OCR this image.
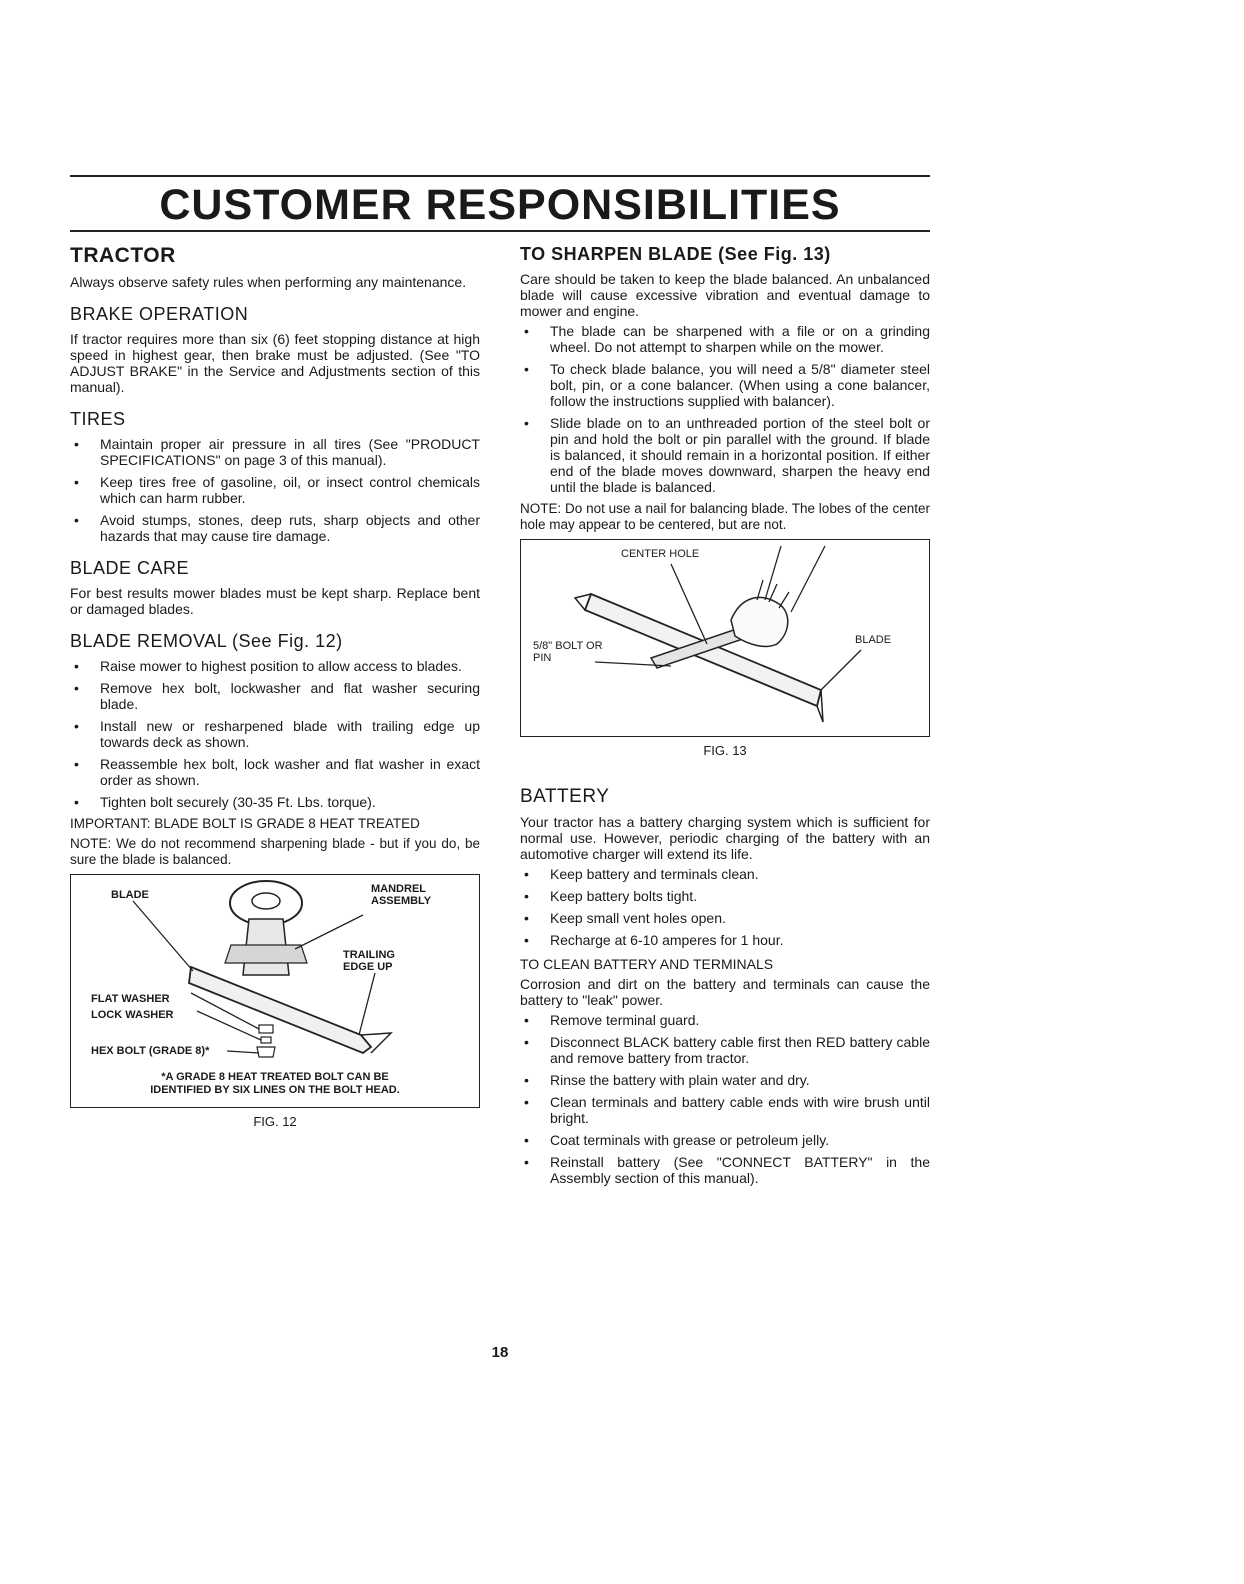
CUSTOMER RESPONSIBILITIES
TRACTOR

Always observe safety rules when performing any maintenance.

BRAKE OPERATION

If tractor requires more than six (6) feet stopping distance at high speed in highest gear, then brake must be adjusted. (See "TO ADJUST BRAKE" in the Service and Adjustments section of this manual).

TIRES
• Maintain proper air pressure in all tires (See "PRODUCT SPECIFICATIONS" on page 3 of this manual).
• Keep tires free of gasoline, oil, or insect control chemicals which can harm rubber.
• Avoid stumps, stones, deep ruts, sharp objects and other hazards that may cause tire damage.
BLADE CARE

For best results mower blades must be kept sharp. Replace bent or damaged blades.

BLADE REMOVAL (See Fig. 12)
• Raise mower to highest position to allow access to blades.
• Remove hex bolt, lockwasher and flat washer securing blade.
• Install new or resharpened blade with trailing edge up towards deck as shown.
• Reassemble hex bolt, lock washer and flat washer in exact order as shown.
• Tighten bolt securely (30-35 Ft. Lbs. torque).

IMPORTANT: BLADE BOLT IS GRADE 8 HEAT TREATED

NOTE: We do not recommend sharpening blade - but if you do, be sure the blade is balanced.

BLADE	MANDREL ASSEMBLY
TRAILING EDGE UP
FLAT WASHER
LOCK WASHER
HEX BOLT (GRADE 8)*
*A GRADE 8 HEAT TREATED BOLT CAN BE IDENTIFIED BY SIX LINES ON THE BOLT HEAD.
FIG. 12
TO SHARPEN BLADE (See Fig. 13)

Care should be taken to keep the blade balanced. An unbalanced blade will cause excessive vibration and eventual damage to mower and engine.

• The blade can be sharpened with a file or on a grinding wheel. Do not attempt to sharpen while on the mower.
• To check blade balance, you will need a 5/8" diameter steel bolt, pin, or a cone balancer. (When using a cone balancer, follow the instructions supplied with balancer).
• Slide blade on to an unthreaded portion of the steel bolt or pin and hold the bolt or pin parallel with the ground. If blade is balanced, it should remain in a horizontal position. If either end of the blade moves downward, sharpen the heavy end until the blade is balanced.

NOTE: Do not use a nail for balancing blade. The lobes of the center hole may appear to be centered, but are not.

CENTER HOLE
5/8" BOLT OR PIN
BLADE
FIG. 13
BATTERY

Your tractor has a battery charging system which is sufficient for normal use. However, periodic charging of the battery with an automotive charger will extend its life.

• Keep battery and terminals clean.
• Keep battery bolts tight.
• Keep small vent holes open.
• Recharge at 6-10 amperes for 1 hour.
TO CLEAN BATTERY AND TERMINALS

Corrosion and dirt on the battery and terminals can cause the battery to "leak" power.

• Remove terminal guard.
• Disconnect BLACK battery cable first then RED battery cable and remove battery from tractor.
• Rinse the battery with plain water and dry.
• Clean terminals and battery cable ends with wire brush until bright.
• Coat terminals with grease or petroleum jelly.
• Reinstall battery (See "CONNECT BATTERY" in the Assembly section of this manual).
18
